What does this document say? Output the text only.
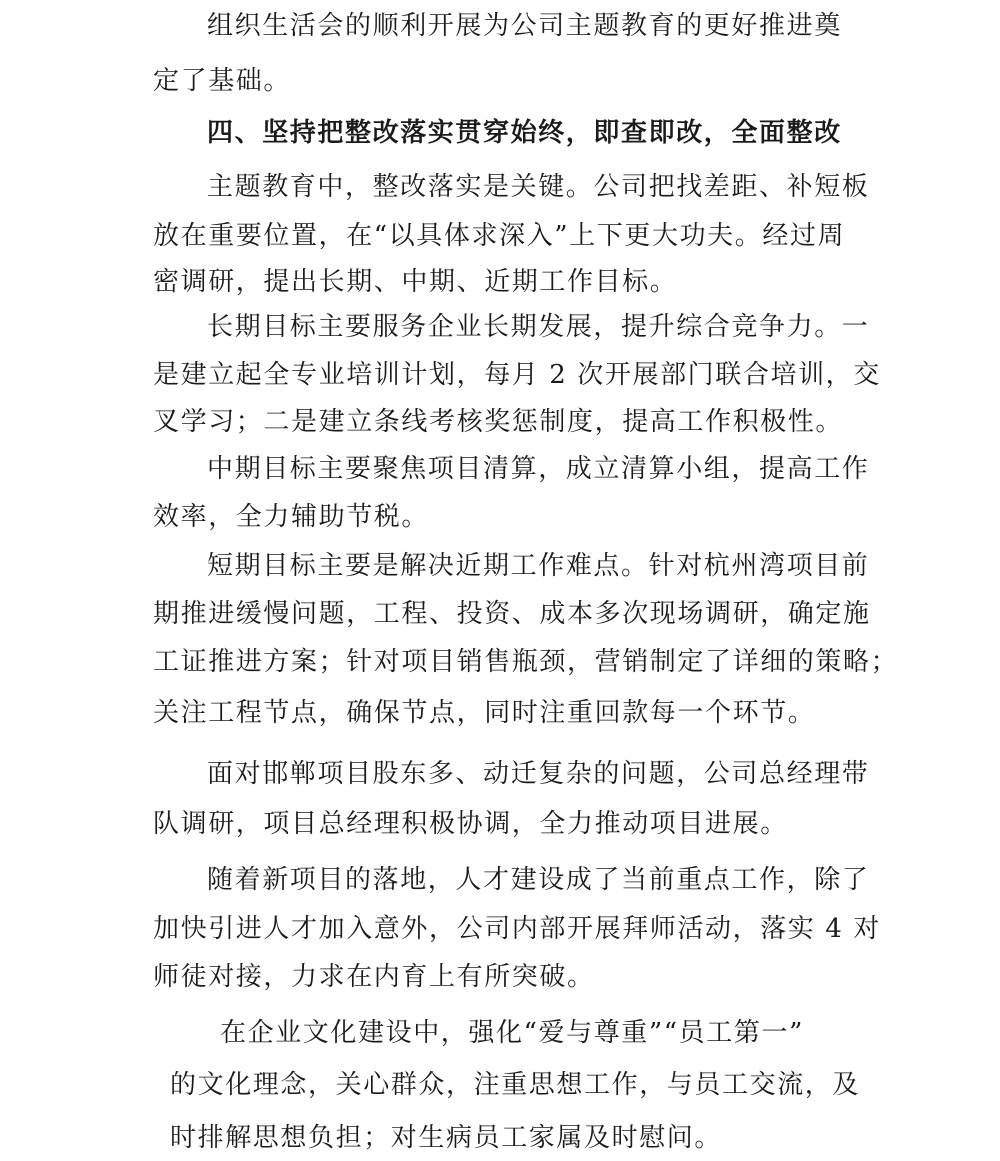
组织生活会的顺利开展为公司主题教育的更好推进奠
定了基础。
四、坚持把整改落实贯穿始终，即查即改，全面整改
主题教育中，整改落实是关键。公司把找差距、补短板
放在重要位置，在“以具体求深入”上下更大功夫。经过周
密调研，提出长期、中期、近期工作目标。
长期目标主要服务企业长期发展，提升综合竞争力。一
是建立起全专业培训计划，每月 2 次开展部门联合培训，交
叉学习；二是建立条线考核奖惩制度，提高工作积极性。
中期目标主要聚焦项目清算，成立清算小组，提高工作
效率，全力辅助节税。
短期目标主要是解决近期工作难点。针对杭州湾项目前
期推进缓慢问题，工程、投资、成本多次现场调研，确定施
工证推进方案；针对项目销售瓶颈，营销制定了详细的策略；
关注工程节点，确保节点，同时注重回款每一个环节。
面对邯郸项目股东多、动迁复杂的问题，公司总经理带
队调研，项目总经理积极协调，全力推动项目进展。
随着新项目的落地，人才建设成了当前重点工作，除了
加快引进人才加入意外，公司内部开展拜师活动，落实 4 对
师徒对接，力求在内育上有所突破。
在企业文化建设中，强化“爱与尊重”“员工第一”
的文化理念，关心群众，注重思想工作，与员工交流，及
时排解思想负担；对生病员工家属及时慰问。
